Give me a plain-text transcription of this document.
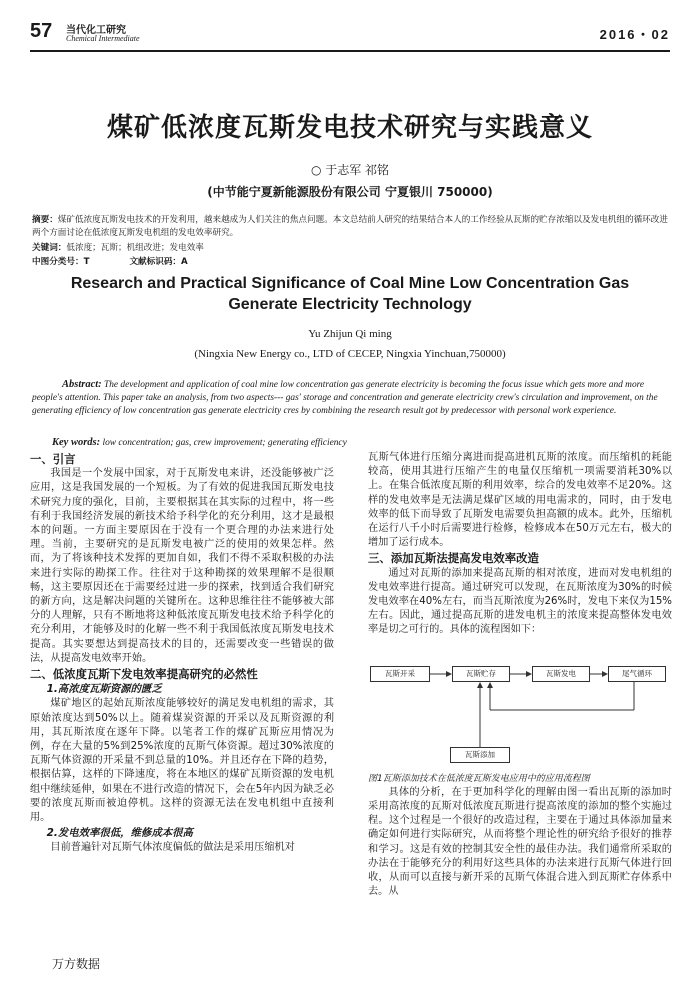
57 当代化工研究
Chemical Intermediate	2016・02
煤矿低浓度瓦斯发电技术研究与实践意义
○ 于志军 祁铭
(中节能宁夏新能源股份有限公司 宁夏银川 750000)
摘要：煤矿低浓度瓦斯发电技术的开发利用，越来越成为人们关注的焦点问题。本文总结前人研究的结果结合本人的工作经验从瓦斯的贮存浓缩以及发电机组的循环改进两个方面讨论在低浓度瓦斯发电机组的发电效率研究。
关键词：低浓度；瓦斯；机组改进；发电效率
中图分类号：T	文献标识码：A
Research and Practical Significance of Coal Mine Low Concentration Gas Generate Electricity Technology
Yu Zhijun Qi ming
(Ningxia New Energy co., LTD of CECEP, Ningxia Yinchuan,750000)
Abstract: The development and application of coal mine low concentration gas generate electricity is becoming the focus issue which gets more and more people's attention. This paper take an analysis, from two aspects--- gas' storage and concentration and generate electricity crew's circulation and improvement, on the generating efficiency of low concentration gas generate electricity cres by combining the research result got by predecessor with personal work experience.
Key words: low concentration; gas, crew improvement; generating efficiency

一、引言

我国是一个发展中国家，对于瓦斯发电来讲，还没能够被广泛应用，这是我国发展的一个短板。为了有效的促进我国瓦斯发电技术研究力度的强化，目前，主要根据其在其实际的过程中，将一些有利于我国经济发展的新技术给予科学化的充分利用，这才是最根本的问题。一方面主要原因在于没有一个更合理的办法来进行处理。当前，主要研究的是瓦斯发电被广泛的使用的效果怎样。然而，为了将该种技术发挥的更加自如，我们不得不采取积极的办法来进行实际的勘探工作。往往对于这种勘探的效果理解不是很顺畅，这主要原因还在于需要经过进一步的探索，找到适合我们研究的新方向，这是解决问题的关键所在。这种思维往往不能够被大部分的人理解，只有不断地将这种低浓度瓦斯发电技术给予科学化的充分利用，才能够及时的化解一些不利于我国低浓度瓦斯发电技术提高。其实要想达到提高技术的目的，还需要改变一些错误的做法，从提高发电效率开始。

二、低浓度瓦斯下发电效率提高研究的必然性

1.高浓度瓦斯资源的匮乏

煤矿地区的起始瓦斯浓度能够较好的满足发电机组的需求，其原始浓度达到50%以上。随着煤炭资源的开采以及瓦斯资源的利用，其瓦斯浓度在逐年下降。以笔者工作的煤矿瓦斯应用情况为例，存在大量的5%到25%浓度的瓦斯气体资源。超过30%浓度的瓦斯气体资源的开采量不到总量的10%。并且还存在下降的趋势，根据估算，这样的下降速度，将在本地区的煤矿瓦斯资源的发电机组中继续延伸，如果在不进行改造的情况下，会在5年内因为缺乏必要的浓度瓦斯而被迫停机。这样的资源无法在发电机组中直接利用。

2.发电效率很低，维修成本很高

目前普遍针对瓦斯气体浓度偏低的做法是采用压缩机对

瓦斯气体进行压缩分离进而提高进机瓦斯的浓度。而压缩机的耗能较高，使用其进行压缩产生的电量仅压缩机一项需要消耗30%以上。在集合低浓度瓦斯的利用效率，综合的发电效率不足20%。这样的发电效率是无法满足煤矿区域的用电需求的，同时，由于发电效率的低下而导致了瓦斯发电需要负担高额的成本。此外，压缩机在运行八千小时后需要进行检修，检修成本在50万元左右，极大的增加了运行成本。

三、添加瓦斯法提高发电效率改造

通过对瓦斯的添加来提高瓦斯的相对浓度，进而对发电机组的发电效率进行提高。通过研究可以发现，在瓦斯浓度为30%的时候发电效率在40%左右，而当瓦斯浓度为26%时，发电下来仅为15%左右。因此，通过提高瓦斯的进发电机主的浓度来提高整体发电效率是切之可行的。具体的流程图如下：

瓦斯开采	瓦斯贮存	瓦斯发电	尾气循环
瓦斯添加

图1瓦斯添加技术在低浓度瓦斯发电应用中的应用流程图

具体的分析，在于更加科学化的理解由图一看出瓦斯的添加时采用高浓度的瓦斯对低浓度瓦斯进行提高浓度的添加的整个实施过程。这个过程是一个很好的改造过程，主要在于通过具体添加量来确定如何进行实际研究，从而将整个理论性的研究给予很好的推荐和学习。这是有效的控制其安全性的最佳办法。我们通常所采取的办法在于能够充分的利用好这些具体的办法来进行瓦斯气体进行回收，从而可以直接与新开采的瓦斯气体混合进入到瓦斯贮存体系中去。从

万方数据
